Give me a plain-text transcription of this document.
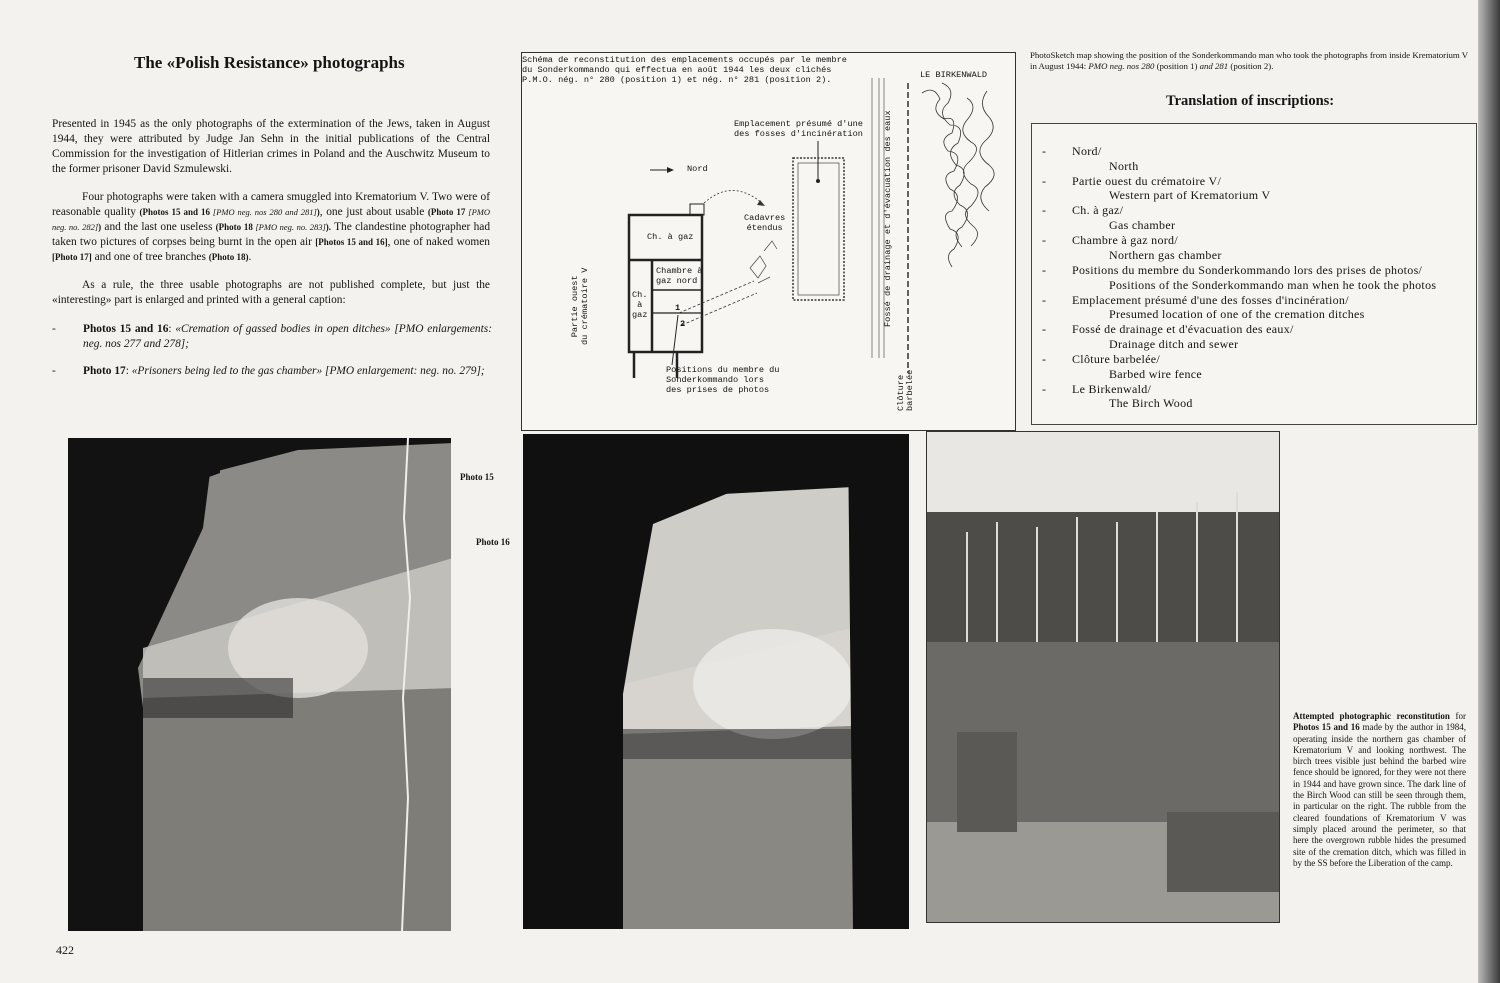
The «Polish Resistance» photographs

Presented in 1945 as the only photographs of the extermination of the Jews, taken in August 1944, they were attributed by Judge Jan Sehn in the initial publications of the Central Commission for the investigation of Hitlerian crimes in Poland and the Auschwitz Museum to the former prisoner David Szmulewski.

Four photographs were taken with a camera smuggled into Krematorium V. Two were of reasonable quality (Photos 15 and 16 [PMO neg. nos 280 and 281]), one just about usable (Photo 17 [PMO neg. no. 282]) and the last one useless (Photo 18 [PMO neg. no. 283]). The clandestine photographer had taken two pictures of corpses being burnt in the open air [Photos 15 and 16], one of naked women [Photo 17] and one of tree branches (Photo 18).

As a rule, the three usable photographs are not published complete, but just the «interesting» part is enlarged and printed with a general caption:

- Photos 15 and 16: «Cremation of gassed bodies in open ditches» [PMO enlargements: neg. nos 277 and 278];
- Photo 17: «Prisoners being led to the gas chamber» [PMO enlargement: neg. no. 279];
Schéma de reconstitution des emplacements occupés par le membre
du Sonderkommando qui effectua en août 1944 les deux clichés
P.M.O. nég. n° 280 (position 1) et nég. n° 281 (position 2).
Nord
Emplacement présumé d'une
des fosses d'incinération
Cadavres
étendus
Ch. à gaz
Chambre à
gaz nord
Ch.
à
gaz
1
2
Partie ouest du crématoire V
Positions du membre du
Sonderkommando lors
des prises de photos
Fossé de drainage et d'évacuation des eaux
Clôture barbelée
LE BIRKENWALD
PhotoSketch map showing the position of the Sonderkommando man who took the photographs from inside Krematorium V in August 1944: PMO neg. nos 280 (position 1) and 281 (position 2).
Translation of inscriptions:
- Nord/
North
- Partie ouest du crématoire V/
Western part of Krematorium V
- Ch. à gaz/
Gas chamber
- Chambre à gaz nord/
Northern gas chamber
- Positions du membre du Sonderkommando lors des prises de photos/
Positions of the Sonderkommando man when he took the photos
- Emplacement présumé d'une des fosses d'incinération/
Presumed location of one of the cremation ditches
- Fossé de drainage et d'évacuation des eaux/
Drainage ditch and sewer
- Clôture barbelée/
Barbed wire fence
- Le Birkenwald/
The Birch Wood
Photo 15
Photo 16
Attempted photographic reconstitution for Photos 15 and 16 made by the author in 1984, operating inside the northern gas chamber of Krematorium V and looking northwest. The birch trees visible just behind the barbed wire fence should be ignored, for they were not there in 1944 and have grown since. The dark line of the Birch Wood can still be seen through them, in particular on the right. The rubble from the cleared foundations of Krematorium V was simply placed around the perimeter, so that here the overgrown rubble hides the presumed site of the cremation ditch, which was filled in by the SS before the Liberation of the camp.
422
